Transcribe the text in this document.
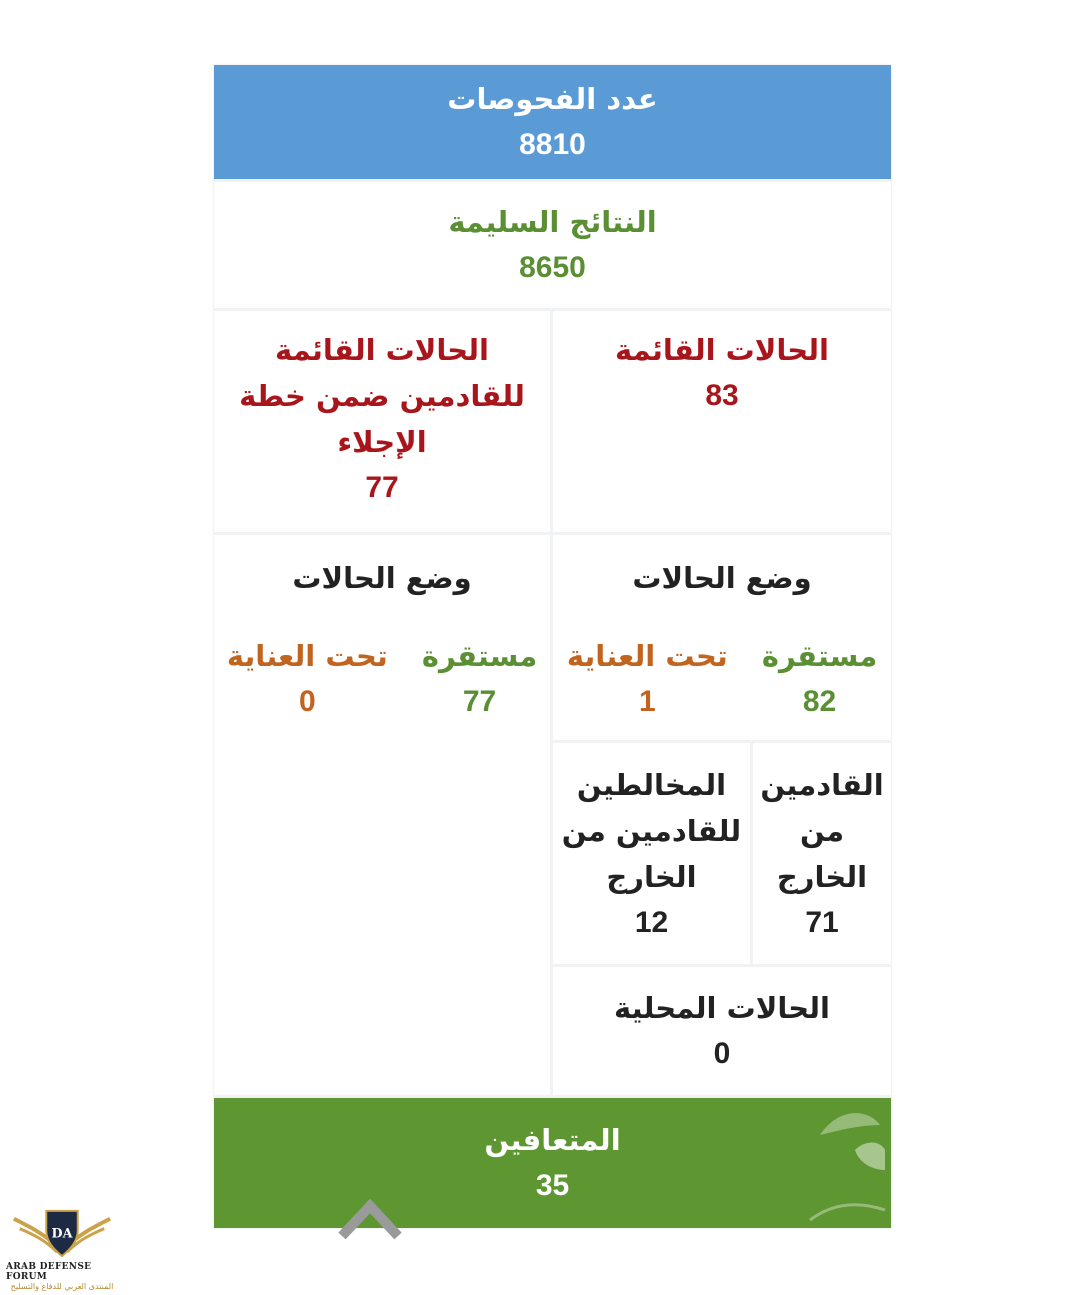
عدد الفحوصات
8810
النتائج السليمة
8650
الحالات القائمة
83
الحالات القائمة
للقادمين ضمن خطة
الإجلاء
77
وضع الحالات
مستقرة
82
تحت العناية
1
وضع الحالات
مستقرة
77
تحت العناية
0
القادمين
من
الخارج
71
المخالطين
للقادمين من
الخارج
12
الحالات المحلية
0
المتعافين
35
DA
ARAB DEFENSE FORUM
المنتدى العربي للدفاع والتسليح
